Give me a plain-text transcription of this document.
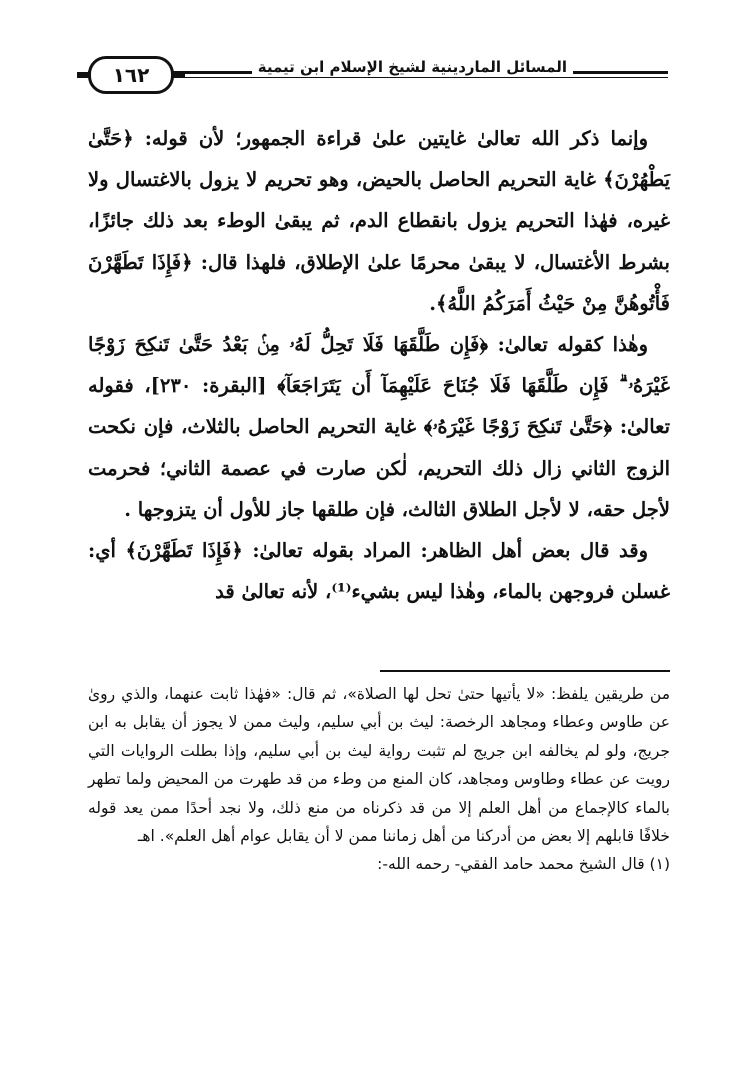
١٦٢	المسائل الماردينية لشيخ الإسلام ابن تيمية

وإنما ذكر الله تعالىٰ غايتين علىٰ قراءة الجمهور؛ لأن قوله: ﴿حَتَّىٰ يَطْهُرْنَ﴾ غاية التحريم الحاصل بالحيض، وهو تحريم لا يزول بالاغتسال ولا غيره، فهٰذا التحريم يزول بانقطاع الدم، ثم يبقىٰ الوطء بعد ذلك جائزًا، بشرط الأغتسال، لا يبقىٰ محرمًا علىٰ الإطلاق، فلهذا قال: ﴿فَإِذَا تَطَهَّرْنَ فَأْتُوهُنَّ مِنْ حَيْثُ أَمَرَكُمُ اللَّهُ﴾.

وهٰذا كقوله تعالىٰ: ﴿فَإِن طَلَّقَهَا فَلَا تَحِلُّ لَهُۥ مِنۢ بَعْدُ حَتَّىٰ تَنكِحَ زَوْجًا غَيْرَهُۥ ۗ فَإِن طَلَّقَهَا فَلَا جُنَاحَ عَلَيْهِمَآ أَن يَتَرَاجَعَآ﴾ [البقرة: ٢٣٠]، فقوله تعالىٰ: ﴿حَتَّىٰ تَنكِحَ زَوْجًا غَيْرَهُۥ﴾ غاية التحريم الحاصل بالثلاث، فإن نكحت الزوج الثاني زال ذلك التحريم، لٰكن صارت في عصمة الثاني؛ فحرمت لأجل حقه، لا لأجل الطلاق الثالث، فإن طلقها جاز للأول أن يتزوجها .

وقد قال بعض أهل الظاهر: المراد بقوله تعالىٰ: ﴿فَإِذَا تَطَهَّرْنَ﴾ أي: غسلن فروجهن بالماء، وهٰذا ليس بشيء⁽¹⁾، لأنه تعالىٰ قد

من طريقين يلفظ: «لا يأتيها حتىٰ تحل لها الصلاة»، ثم قال: «فهٰذا ثابت عنهما، والذي روىٰ عن طاوس وعطاء ومجاهد الرخصة: ليث بن أبي سليم، وليث ممن لا يجوز أن يقابل به ابن جريج، ولو لم يخالفه ابن جريج لم تثبت رواية ليث بن أبي سليم، وإذا بطلت الروايات التي رويت عن عطاء وطاوس ومجاهد، كان المنع من وطء من قد طهرت من المحيض ولما تطهر بالماء كالإجماع من أهل العلم إلا من قد ذكرناه من منع ذلك، ولا نجد أحدًا ممن يعد قوله خلافًا قابلهم إلا بعض من أدركنا من أهل زماننا ممن لا أن يقابل عوام أهل العلم». اهـ

(١) قال الشيخ محمد حامد الفقي- رحمه الله-:
